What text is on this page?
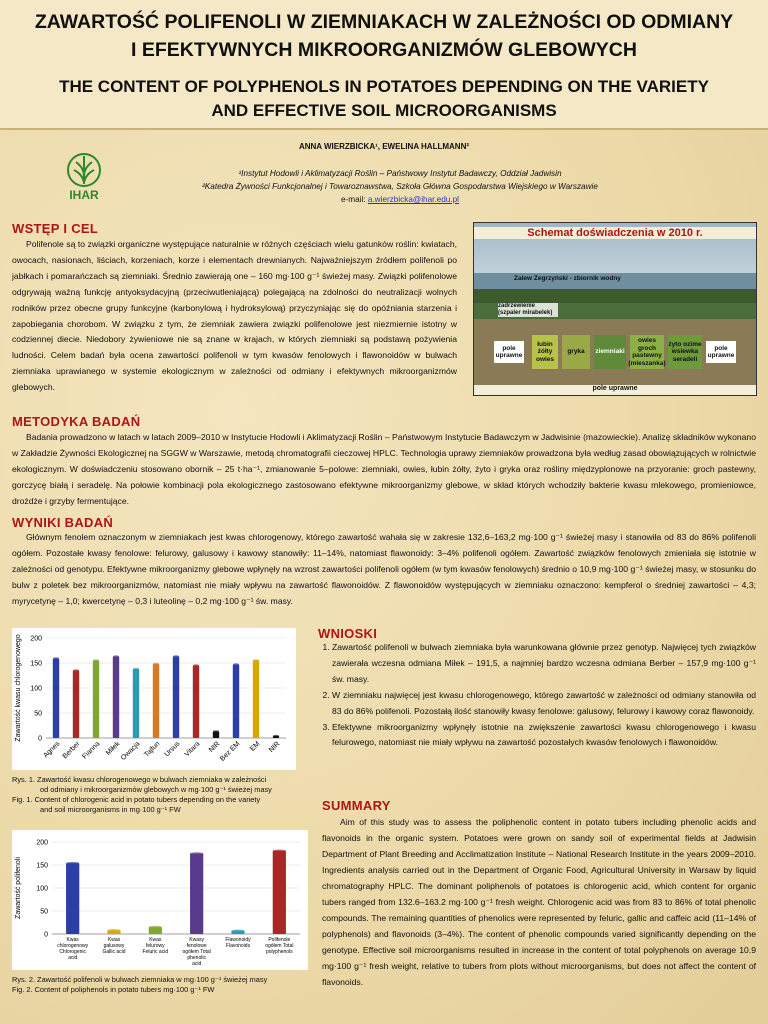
ZAWARTOŚĆ POLIFENOLI W ZIEMNIAKACH W ZALEŻNOŚCI OD ODMIANY
I EFEKTYWNYCH MIKROORGANIZMÓW GLEBOWYCH
THE CONTENT OF POLYPHENOLS IN POTATOES DEPENDING ON THE VARIETY
AND EFFECTIVE SOIL MICROORGANISMS
ANNA WIERZBICKA¹, EWELINA HALLMANN²
IHAR
¹Instytut Hodowli i Aklimatyzacji Roślin – Państwowy Instytut Badawczy, Oddział Jadwisin
²Katedra Żywności Funkcjonalnej i Towaroznawstwa, Szkoła Główna Gospodarstwa Wiejskiego w Warszawie
e-mail: a.wierzbicka@ihar.edu.pl
WSTĘP I CEL

Polifenole są to związki organiczne występujące naturalnie w różnych częściach wielu gatunków roślin: kwiatach, owocach, nasionach, liściach, korzeniach, korze i elementach drewnianych. Najważniejszym źródłem polifenoli po jabłkach i pomarańczach są ziemniaki. Średnio zawierają one – 160 mg·100 g⁻¹ świeżej masy. Związki polifenolowe odgrywają ważną funkcję antyoksydacyjną (przeciwutleniającą) polegającą na zdolności do neutralizacji wolnych rodników przez obecne grupy funkcyjne (karbonylową i hydroksylową) przyczyniając się do opóźniania starzenia i zapobiegania chorobom. W związku z tym, że ziemniak zawiera związki polifenolowe jest niezmiernie istotny w codziennej diecie. Niedobory żywieniowe nie są znane w krajach, w których ziemniaki są podstawą pożywienia ludności. Celem badań była ocena zawartości polifenoli w tym kwasów fenolowych i flawonoidów w bulwach ziemniaka uprawianego w systemie ekologicznym w zależności od odmiany i efektywnych mikroorganizmów glebowych.

Schemat doświadczenia w 2010 r.
Zalew Zegrzyński - zbiornik wodny
zadrzewienie (szpaler mirabelek)
pole uprawne
łubin żółty owies
gryka	ziemniaki
owies groch pastewny (mieszanka)
żyto ozime wsiewka seradeli
pole uprawne
pole uprawne
METODYKA BADAŃ

Badania prowadzono w latach w latach 2009–2010 w Instytucie Hodowli i Aklimatyzacji Roślin – Państwowym Instytucie Badawczym w Jadwisinie (mazowieckie). Analizę składników wykonano w Zakładzie Żywności Ekologicznej na SGGW w Warszawie, metodą chromatografii cieczowej HPLC. Technologia uprawy ziemniaków prowadzona była według zasad obowiązujących w rolnictwie ekologicznym. W doświadczeniu stosowano obornik – 25 t·ha⁻¹, zmianowanie 5–polowe: ziemniaki, owies, łubin żółty, żyto i gryka oraz rośliny międzyplonowe na przyoranie: groch pastewny, gorczycę białą i seradelę. Na połowie kombinacji pola ekologicznego zastosowano efektywne mikroorganizmy glebowe, w skład których wchodziły bakterie kwasu mlekowego, promieniowce, drożdże i grzyby fermentujące.

WYNIKI BADAŃ

Głównym fenolem oznaczonym w ziemniakach jest kwas chlorogenowy, którego zawartość wahała się w zakresie 132,6–163,2 mg·100 g⁻¹ świeżej masy i stanowiła od 83 do 86% polifenoli ogółem. Pozostałe kwasy fenolowe: felurowy, galusowy i kawowy stanowiły: 11–14%, natomiast flawonoidy: 3–4% polifenoli ogółem. Zawartość związków fenolowych zmieniała się istotnie w zależności od genotypu. Efektywne mikroorganizmy glebowe wpłynęły na wzrost zawartości polifenoli ogółem (w tym kwasów fenolowych) średnio o 10,9 mg·100 g⁻¹ świeżej masy, w stosunku do bulw z poletek bez mikroorganizmów, natomiast nie miały wpływu na zawartość flawonoidów. Z flawonoidów występujących w ziemniaku oznaczono: kempferol o średniej zawartości – 4,3; myrycetynę – 1,0; kwercetynę – 0,3 i luteolinę – 0,2 mg·100 g⁻¹ św. masy.

Zawartość kwasu chlorogenowego 0
50
100
150
200
Agnes Berber Fianna Miłek
Owacja Tajfun Ursus Vitara NIR
Bez EM EM NIR
Rys. 1. Zawartość kwasu chlorogenowego w bulwach ziemniaka w zależności
od odmiany i mikroorganizmów glebowych w mg·100 g⁻¹ świeżej masy
Fig. 1. Content of chlorogenic acid in potato tubers depending on the variety
and soil microorganisms in mg·100 g⁻¹ FW
Zawartość polifenoli
0
50
100
150
200
Kwas chlorogenowy Chlorogenic acid
Kwas galusowy Gallic acid
Kwas felurowy Feluric acid
Kwasy fenolowe ogółem Total phenolic acid
Flawonoidy Flavonoids
Polifenole ogółem Total polyphenols
Rys. 2. Zawartość polifenoli w bulwach ziemniaka w mg·100 g⁻¹ świeżej masy
Fig. 2. Content of poliphenols in potato tubers mg·100 g⁻¹ FW
WNIOSKI
1. Zawartość polifenoli w bulwach ziemniaka była warunkowana głównie przez genotyp. Najwięcej tych związków zawierała wczesna odmiana Miłek – 191,5, a najmniej bardzo wczesna odmiana Berber – 157,9 mg·100 g⁻¹ św. masy.
2. W ziemniaku najwięcej jest kwasu chlorogenowego, którego zawartość w zależności od odmiany stanowiła od 83 do 86% polifenoli. Pozostałą ilość stanowiły kwasy fenolowe: galusowy, felurowy i kawowy coraz flawonoidy.
3. Efektywne mikroorganizmy wpłynęły istotnie na zwiększenie zawartości kwasu chlorogenowego i kwasu felurowego, natomiast nie miały wpływu na zawartość pozostałych kwasów fenolowych i flawonoidów.
SUMMARY

Aim of this study was to assess the poliphenolic content in potato tubers including phenolic acids and flavonoids in the organic system. Potatoes were grown on sandy soil of experimental fields at Jadwisin Department of Plant Breeding and Acclimatization Institute – National Research Institute in the years 2009–2010. Ingredients analysis carried out in the Department of Organic Food, Agricultural University in Warsaw by liquid chromatography HPLC. The dominant poliphenols of potatoes is chlorogenic acid, which content for organic tubers ranged from 132.6–163.2 mg·100 g⁻¹ fresh weight. Chlorogenic acid was from 83 to 86% of total phenolic compounds. The remaining quantities of phenolics were represented by feluric, gallic and caffeic acid (11–14% of polyphenols) and flavonoids (3–4%). The content of phenolic compounds varied significantly depending on the genotype. Effective soil microorganisms resulted in increase in the content of total polyphenols on average 10.9 mg·100 g⁻¹ fresh weight, relative to tubers from plots without microorganisms, but does not affect the content of flavonoids.
